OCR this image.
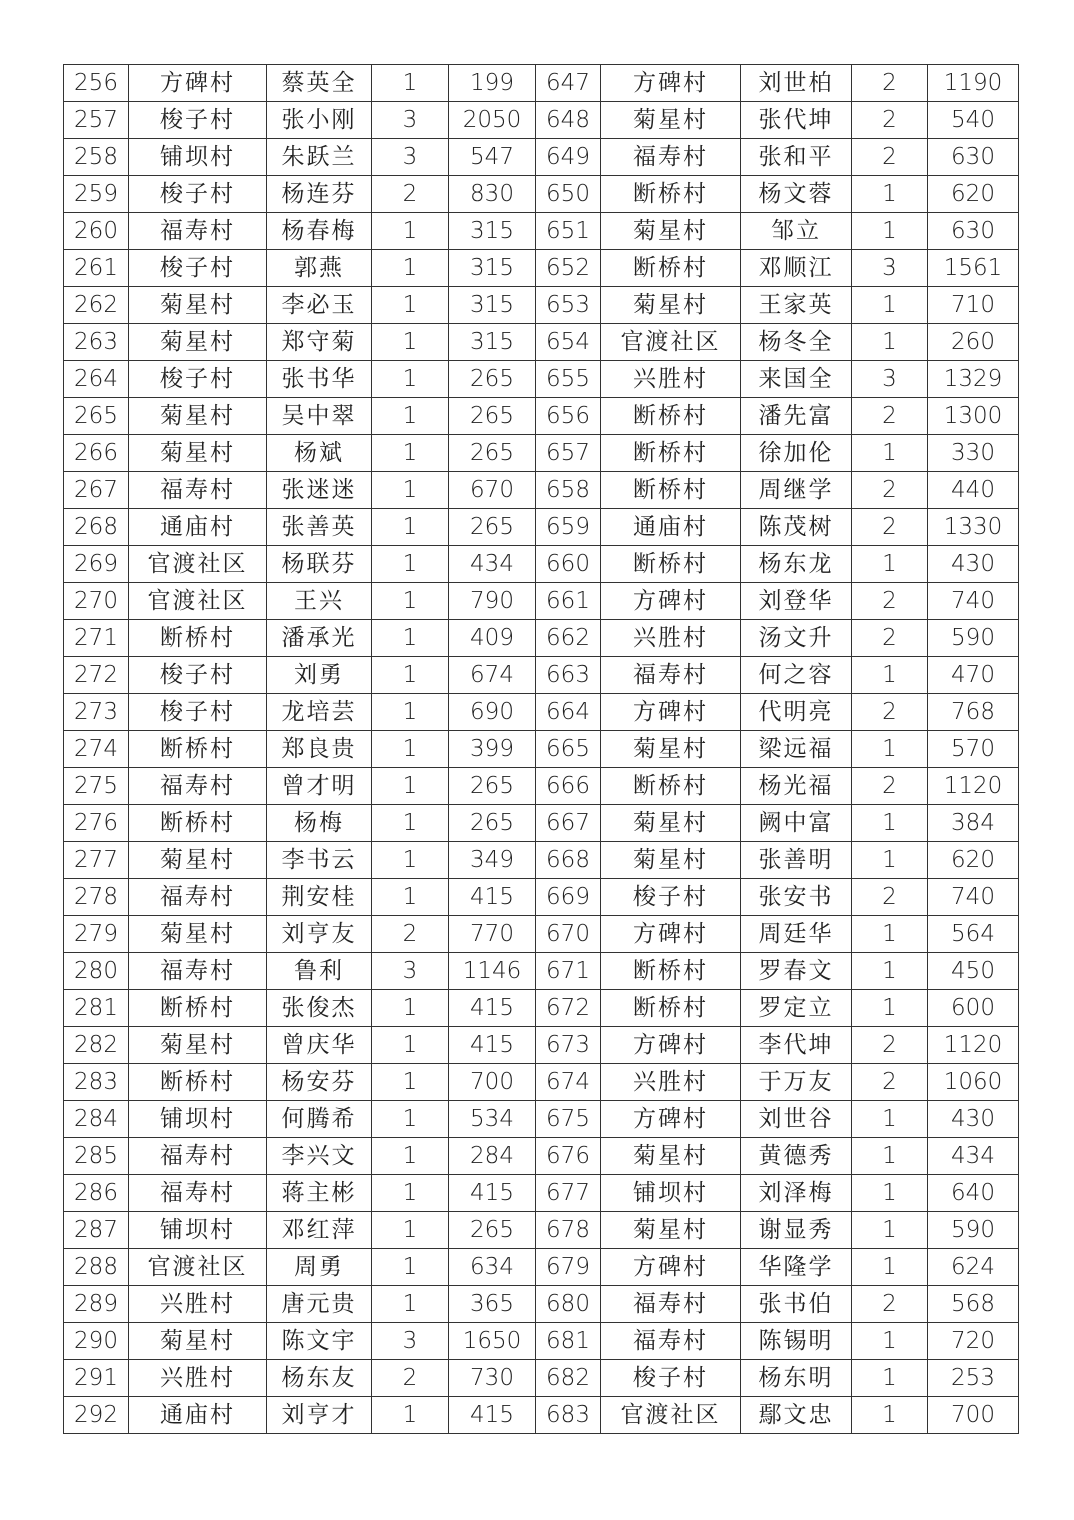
256	方碑村	蔡英全	1	199	647	方碑村	刘世柏	2	1190
257	梭子村	张小刚	3	2050	648	菊星村	张代坤	2	540
258	铺坝村	朱跃兰	3	547	649	福寿村	张和平	2	630
259	梭子村	杨连芬	2	830	650	断桥村	杨文蓉	1	620
260	福寿村	杨春梅	1	315	651	菊星村	邹立	1	630
261	梭子村	郭燕	1	315	652	断桥村	邓顺江	3	1561
262	菊星村	李必玉	1	315	653	菊星村	王家英	1	710
263	菊星村	郑守菊	1	315	654	官渡社区	杨冬全	1	260
264	梭子村	张书华	1	265	655	兴胜村	来国全	3	1329
265	菊星村	吴中翠	1	265	656	断桥村	潘先富	2	1300
266	菊星村	杨斌	1	265	657	断桥村	徐加伦	1	330
267	福寿村	张迷迷	1	670	658	断桥村	周继学	2	440
268	通庙村	张善英	1	265	659	通庙村	陈茂树	2	1330
269	官渡社区	杨联芬	1	434	660	断桥村	杨东龙	1	430
270	官渡社区	王兴	1	790	661	方碑村	刘登华	2	740
271	断桥村	潘承光	1	409	662	兴胜村	汤文升	2	590
272	梭子村	刘勇	1	674	663	福寿村	何之容	1	470
273	梭子村	龙培芸	1	690	664	方碑村	代明亮	2	768
274	断桥村	郑良贵	1	399	665	菊星村	梁远福	1	570
275	福寿村	曾才明	1	265	666	断桥村	杨光福	2	1120
276	断桥村	杨梅	1	265	667	菊星村	阙中富	1	384
277	菊星村	李书云	1	349	668	菊星村	张善明	1	620
278	福寿村	荆安桂	1	415	669	梭子村	张安书	2	740
279	菊星村	刘亨友	2	770	670	方碑村	周廷华	1	564
280	福寿村	鲁利	3	1146	671	断桥村	罗春文	1	450
281	断桥村	张俊杰	1	415	672	断桥村	罗定立	1	600
282	菊星村	曾庆华	1	415	673	方碑村	李代坤	2	1120
283	断桥村	杨安芬	1	700	674	兴胜村	于万友	2	1060
284	铺坝村	何腾希	1	534	675	方碑村	刘世谷	1	430
285	福寿村	李兴文	1	284	676	菊星村	黄德秀	1	434
286	福寿村	蒋主彬	1	415	677	铺坝村	刘泽梅	1	640
287	铺坝村	邓红萍	1	265	678	菊星村	谢显秀	1	590
288	官渡社区	周勇	1	634	679	方碑村	华隆学	1	624
289	兴胜村	唐元贵	1	365	680	福寿村	张书伯	2	568
290	菊星村	陈文宇	3	1650	681	福寿村	陈锡明	1	720
291	兴胜村	杨东友	2	730	682	梭子村	杨东明	1	253
292	通庙村	刘亨才	1	415	683	官渡社区	鄢文忠	1	700
